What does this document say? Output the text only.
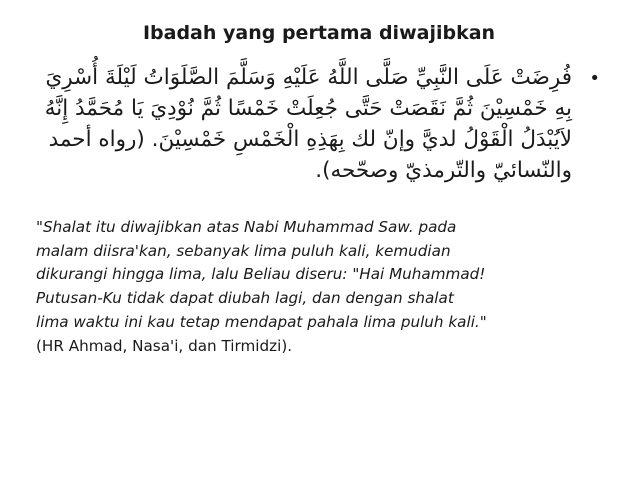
Ibadah yang pertama diwajibkan
•
فُرِضَتْ عَلَى النَّبِيِّ صَلَّى اللَّهُ عَلَيْهِ وَسَلَّمَ الصَّلَوَاتُ لَيْلَةَ أُسْرِيَ بِهِ خَمْسِيْنَ ثُمَّ نَقَصَتْ حَتَّى جُعِلَتْ خَمْسًا ثُمَّ نُوْدِيَ يَا مُحَمَّدُ إِنَّهُ لاَيُبْدَلُ الْقَوْلُ لديَّ وإنّ لك بِهَذِهِ الْخَمْسِ خَمْسِيْنَ. (رواه أحمد والنّسائيّ والتّرمذيّ وصحّحه).
"Shalat itu diwajibkan atas Nabi Muhammad Saw. pada
malam diisra'kan, sebanyak lima puluh kali, kemudian
dikurangi hingga lima, lalu Beliau diseru: "Hai Muhammad!
Putusan-Ku tidak dapat diubah lagi, dan dengan shalat
lima waktu ini kau tetap mendapat pahala lima puluh kali."
(HR Ahmad, Nasa'i, dan Tirmidzi).
